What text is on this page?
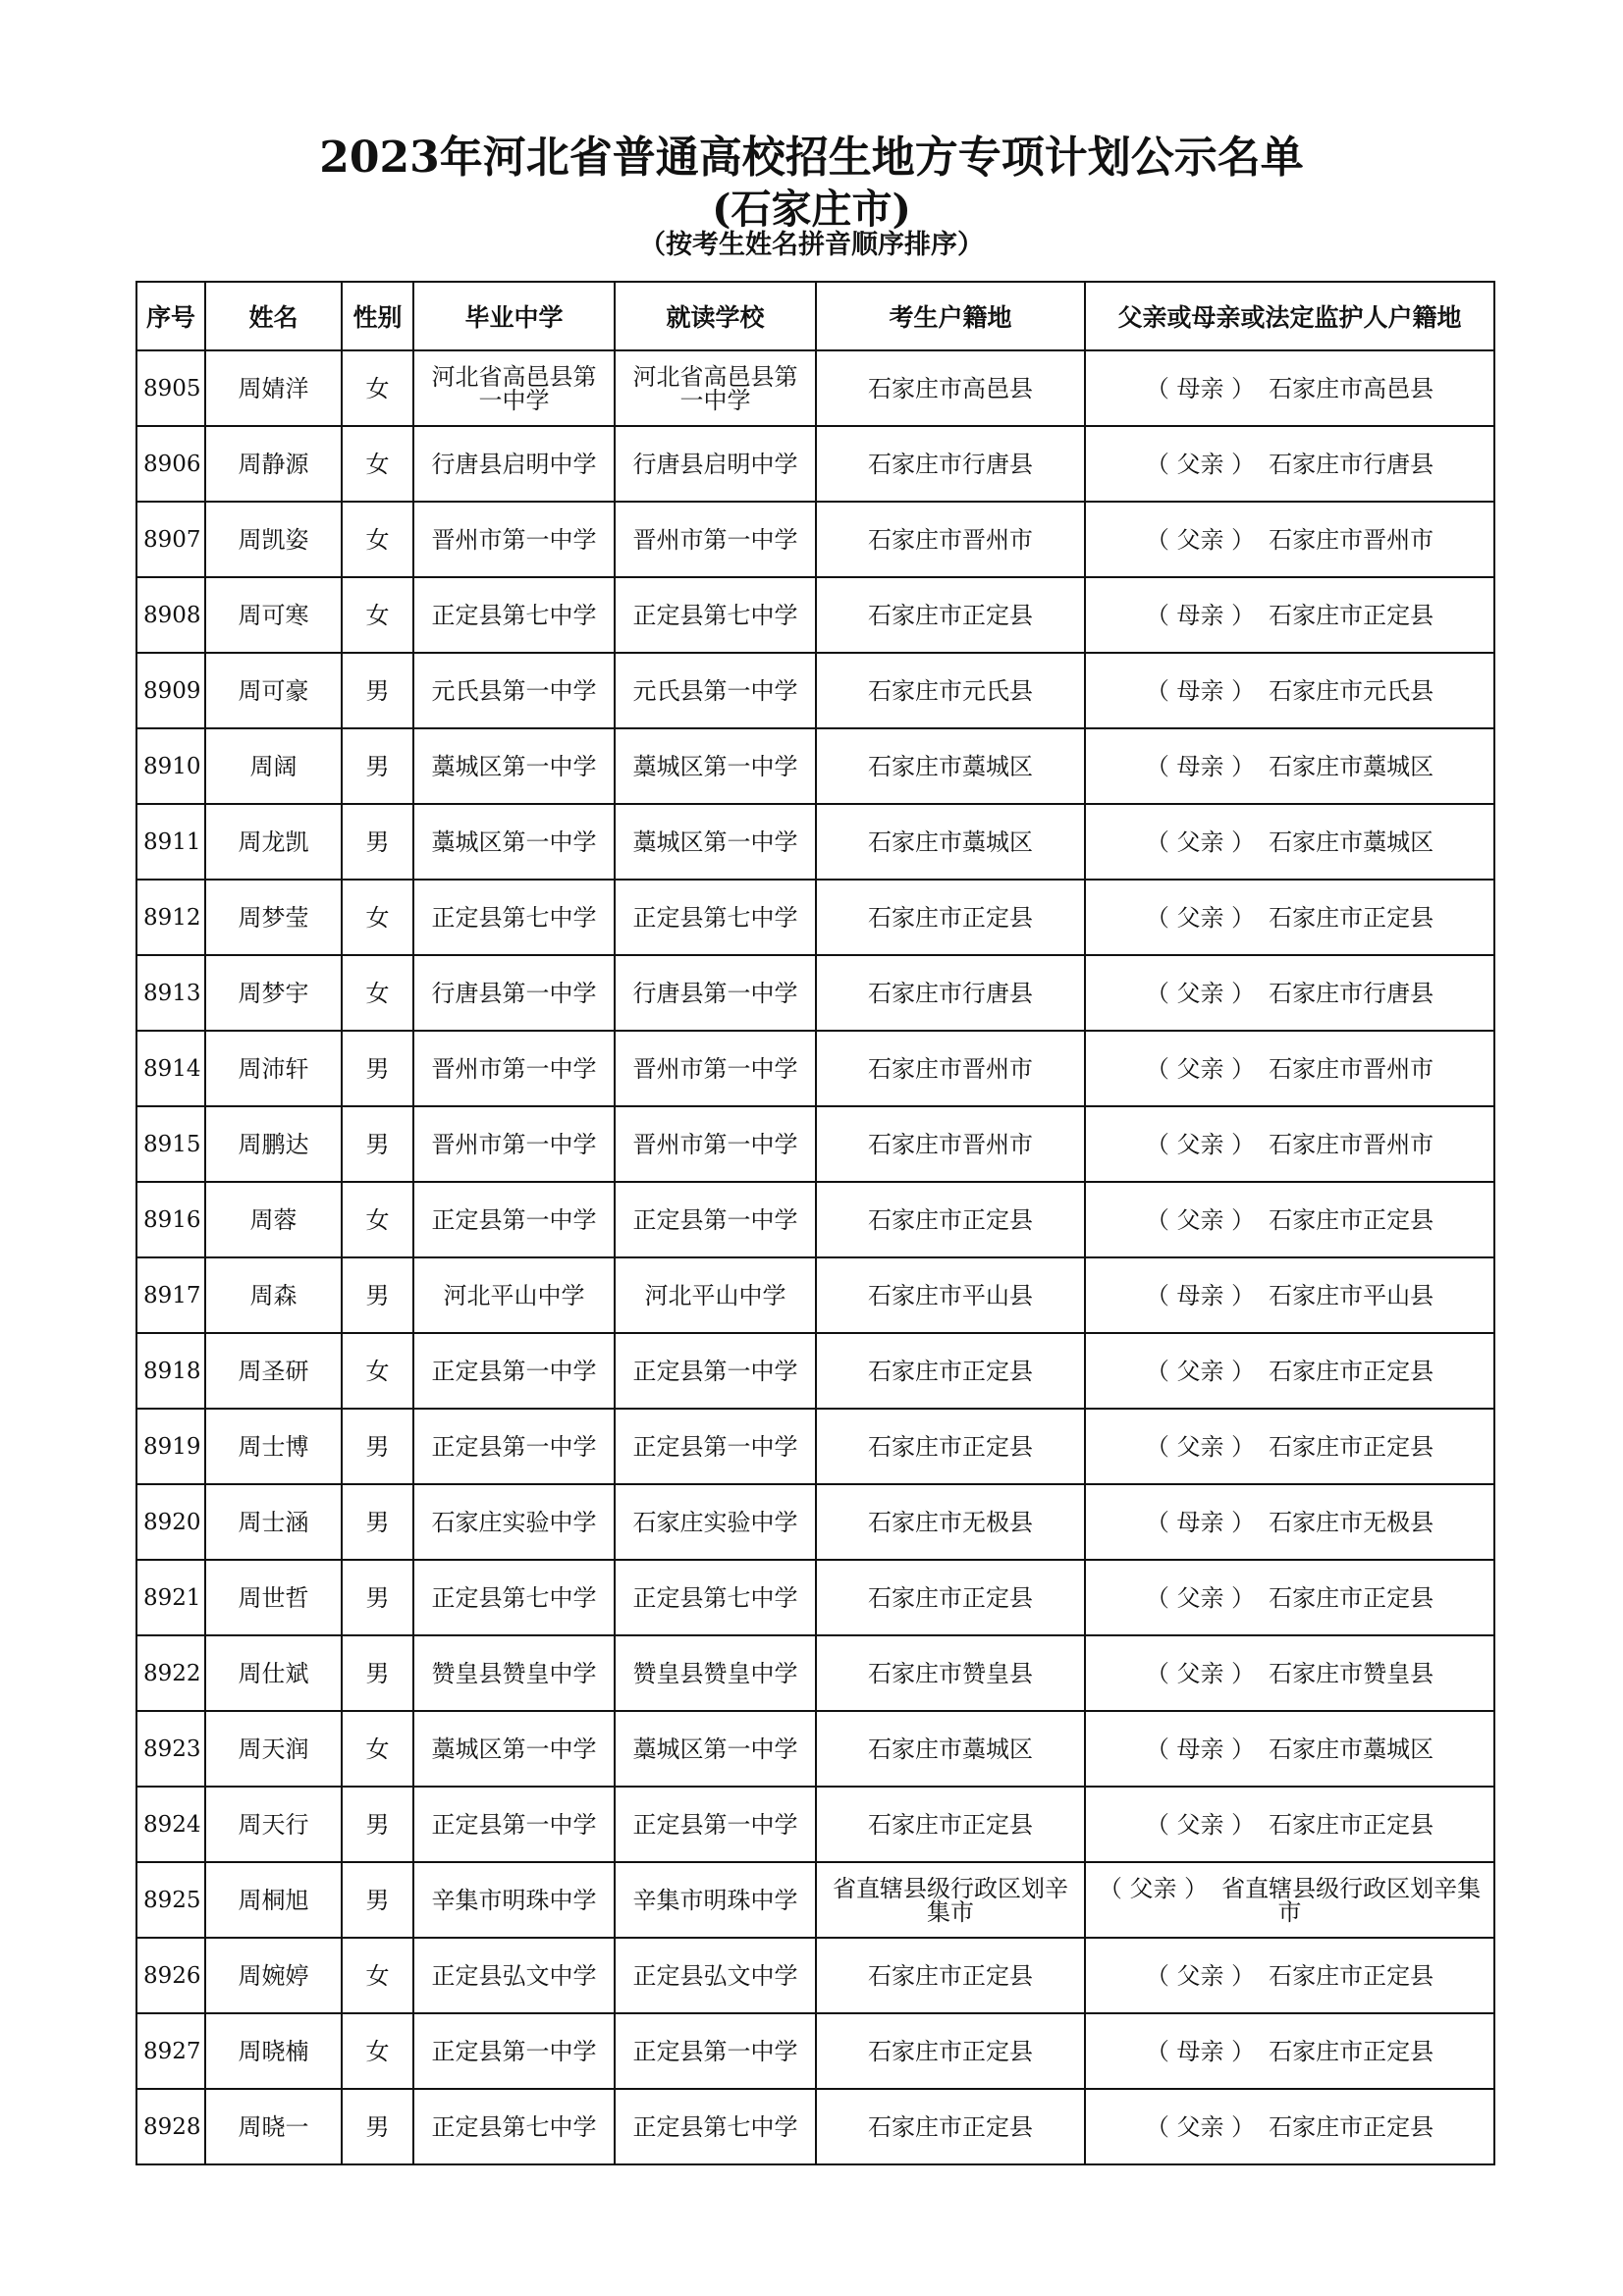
2023年河北省普通高校招生地方专项计划公示名单
(石家庄市)
（按考生姓名拼音顺序排序）
序号	姓名	性别	毕业中学	就读学校	考生户籍地	父亲或母亲或法定监护人户籍地
8905	周婧洋	女	河北省高邑县第一中学	河北省高邑县第一中学	石家庄市高邑县	（ 母亲 ） 石家庄市高邑县
8906	周静源	女	行唐县启明中学	行唐县启明中学	石家庄市行唐县	（ 父亲 ） 石家庄市行唐县
8907	周凯姿	女	晋州市第一中学	晋州市第一中学	石家庄市晋州市	（ 父亲 ） 石家庄市晋州市
8908	周可寒	女	正定县第七中学	正定县第七中学	石家庄市正定县	（ 母亲 ） 石家庄市正定县
8909	周可豪	男	元氏县第一中学	元氏县第一中学	石家庄市元氏县	（ 母亲 ） 石家庄市元氏县
8910	周阔	男	藁城区第一中学	藁城区第一中学	石家庄市藁城区	（ 母亲 ） 石家庄市藁城区
8911	周龙凯	男	藁城区第一中学	藁城区第一中学	石家庄市藁城区	（ 父亲 ） 石家庄市藁城区
8912	周梦莹	女	正定县第七中学	正定县第七中学	石家庄市正定县	（ 父亲 ） 石家庄市正定县
8913	周梦宇	女	行唐县第一中学	行唐县第一中学	石家庄市行唐县	（ 父亲 ） 石家庄市行唐县
8914	周沛轩	男	晋州市第一中学	晋州市第一中学	石家庄市晋州市	（ 父亲 ） 石家庄市晋州市
8915	周鹏达	男	晋州市第一中学	晋州市第一中学	石家庄市晋州市	（ 父亲 ） 石家庄市晋州市
8916	周蓉	女	正定县第一中学	正定县第一中学	石家庄市正定县	（ 父亲 ） 石家庄市正定县
8917	周森	男	河北平山中学	河北平山中学	石家庄市平山县	（ 母亲 ） 石家庄市平山县
8918	周圣研	女	正定县第一中学	正定县第一中学	石家庄市正定县	（ 父亲 ） 石家庄市正定县
8919	周士博	男	正定县第一中学	正定县第一中学	石家庄市正定县	（ 父亲 ） 石家庄市正定县
8920	周士涵	男	石家庄实验中学	石家庄实验中学	石家庄市无极县	（ 母亲 ） 石家庄市无极县
8921	周世哲	男	正定县第七中学	正定县第七中学	石家庄市正定县	（ 父亲 ） 石家庄市正定县
8922	周仕斌	男	赞皇县赞皇中学	赞皇县赞皇中学	石家庄市赞皇县	（ 父亲 ） 石家庄市赞皇县
8923	周天润	女	藁城区第一中学	藁城区第一中学	石家庄市藁城区	（ 母亲 ） 石家庄市藁城区
8924	周天行	男	正定县第一中学	正定县第一中学	石家庄市正定县	（ 父亲 ） 石家庄市正定县
8925	周桐旭	男	辛集市明珠中学	辛集市明珠中学	省直辖县级行政区划辛集市	（ 父亲 ） 省直辖县级行政区划辛集市
8926	周婉婷	女	正定县弘文中学	正定县弘文中学	石家庄市正定县	（ 父亲 ） 石家庄市正定县
8927	周晓楠	女	正定县第一中学	正定县第一中学	石家庄市正定县	（ 母亲 ） 石家庄市正定县
8928	周晓一	男	正定县第七中学	正定县第七中学	石家庄市正定县	（ 父亲 ） 石家庄市正定县
